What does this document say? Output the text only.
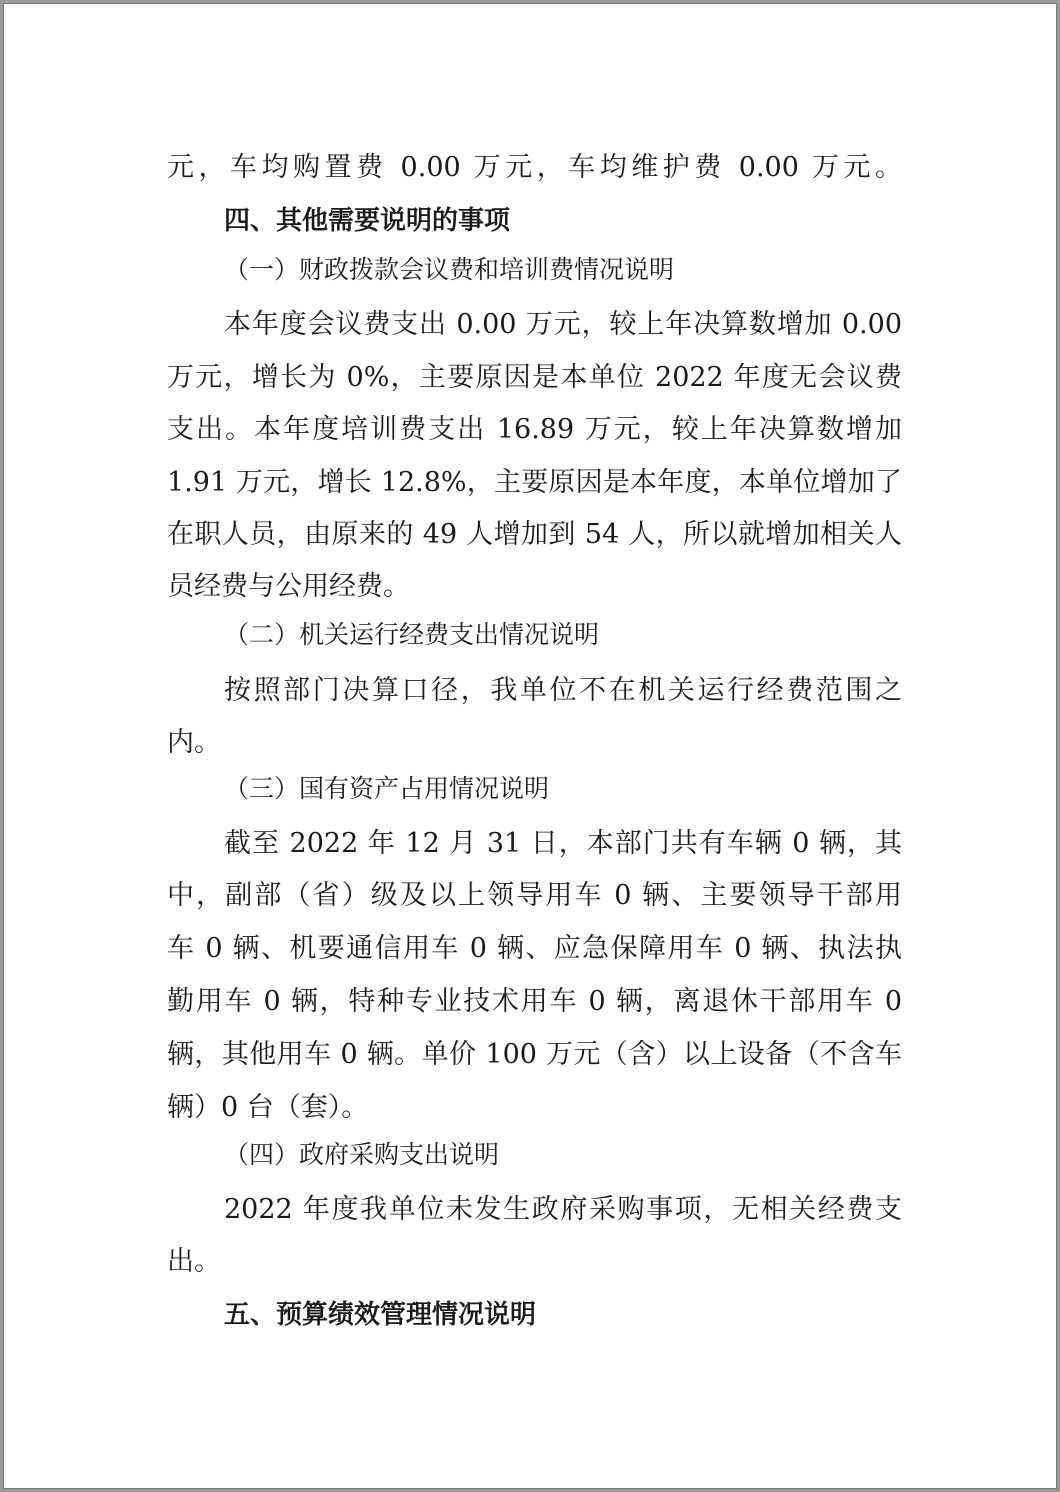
元，车均购置费 0.00 万元，车均维护费 0.00 万元。
四、其他需要说明的事项
（一）财政拨款会议费和培训费情况说明
本年度会议费支出 0.00 万元，较上年决算数增加 0.00
万元，增长为 0%，主要原因是本单位 2022 年度无会议费
支出。本年度培训费支出 16.89 万元，较上年决算数增加
1.91 万元，增长 12.8%，主要原因是本年度，本单位增加了
在职人员，由原来的 49 人增加到 54 人，所以就增加相关人
员经费与公用经费。
（二）机关运行经费支出情况说明
按照部门决算口径，我单位不在机关运行经费范围之
内。
（三）国有资产占用情况说明
截至 2022 年 12 月 31 日，本部门共有车辆 0 辆，其
中，副部（省）级及以上领导用车 0 辆、主要领导干部用
车 0 辆、机要通信用车 0 辆、应急保障用车 0 辆、执法执
勤用车 0 辆，特种专业技术用车 0 辆，离退休干部用车 0
辆，其他用车 0 辆。单价 100 万元（含）以上设备（不含车
辆）0 台（套）。
（四）政府采购支出说明
2022 年度我单位未发生政府采购事项，无相关经费支
出。
五、预算绩效管理情况说明
